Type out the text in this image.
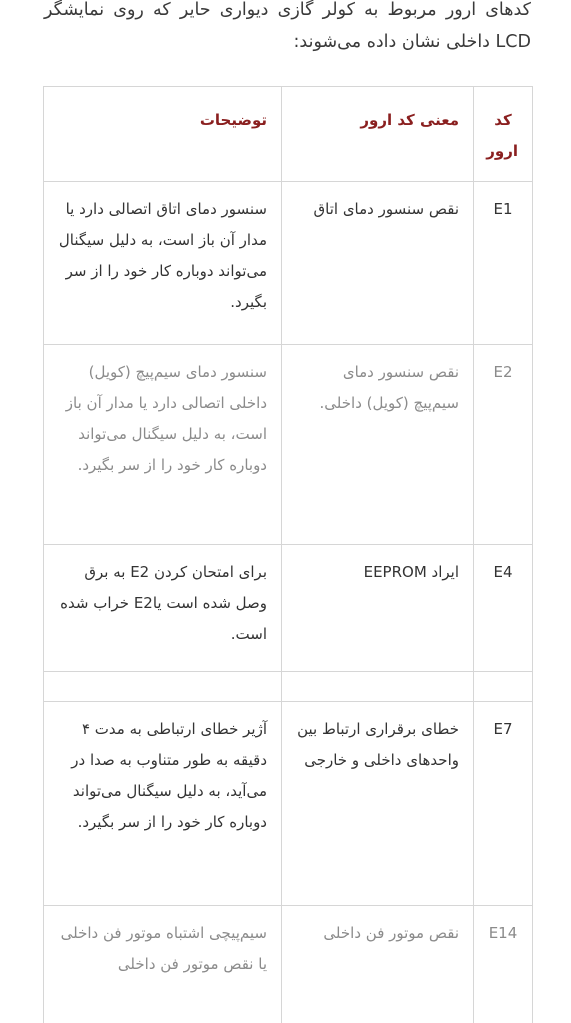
کدهای ارور مربوط به کولر گازی دیواری حایر که روی نمایشگر LCD داخلی نشان داده می‌شوند:

کد ارور	معنی کد ارور	توضیحات
E1	نقص سنسور دمای اتاق	سنسور دمای اتاق اتصالی دارد یا مدار آن باز است، به دلیل سیگنال می‌تواند دوباره کار خود را از سر بگیرد.
E2	نقص سنسور دمای سیم‌پیچ (کویل) داخلی.	سنسور دمای سیم‌پیچ (کویل) داخلی اتصالی دارد یا مدار آن باز است، به دلیل سیگنال می‌تواند دوباره کار خود را از سر بگیرد.
E4	ایراد EEPROM	برای امتحان کردن E2 به برق وصل شده است یاE2 خراب شده است.

E7	خطای برقراری ارتباط بین واحدهای داخلی و خارجی	آژیر خطای ارتباطی به مدت ۴ دقیقه به طور متناوب به صدا در می‌آید، به دلیل سیگنال می‌تواند دوباره کار خود را از سر بگیرد.
E14	نقص موتور فن داخلی	سیم‌پیچی اشتباه موتور فن داخلی یا نقص موتور فن داخلی
